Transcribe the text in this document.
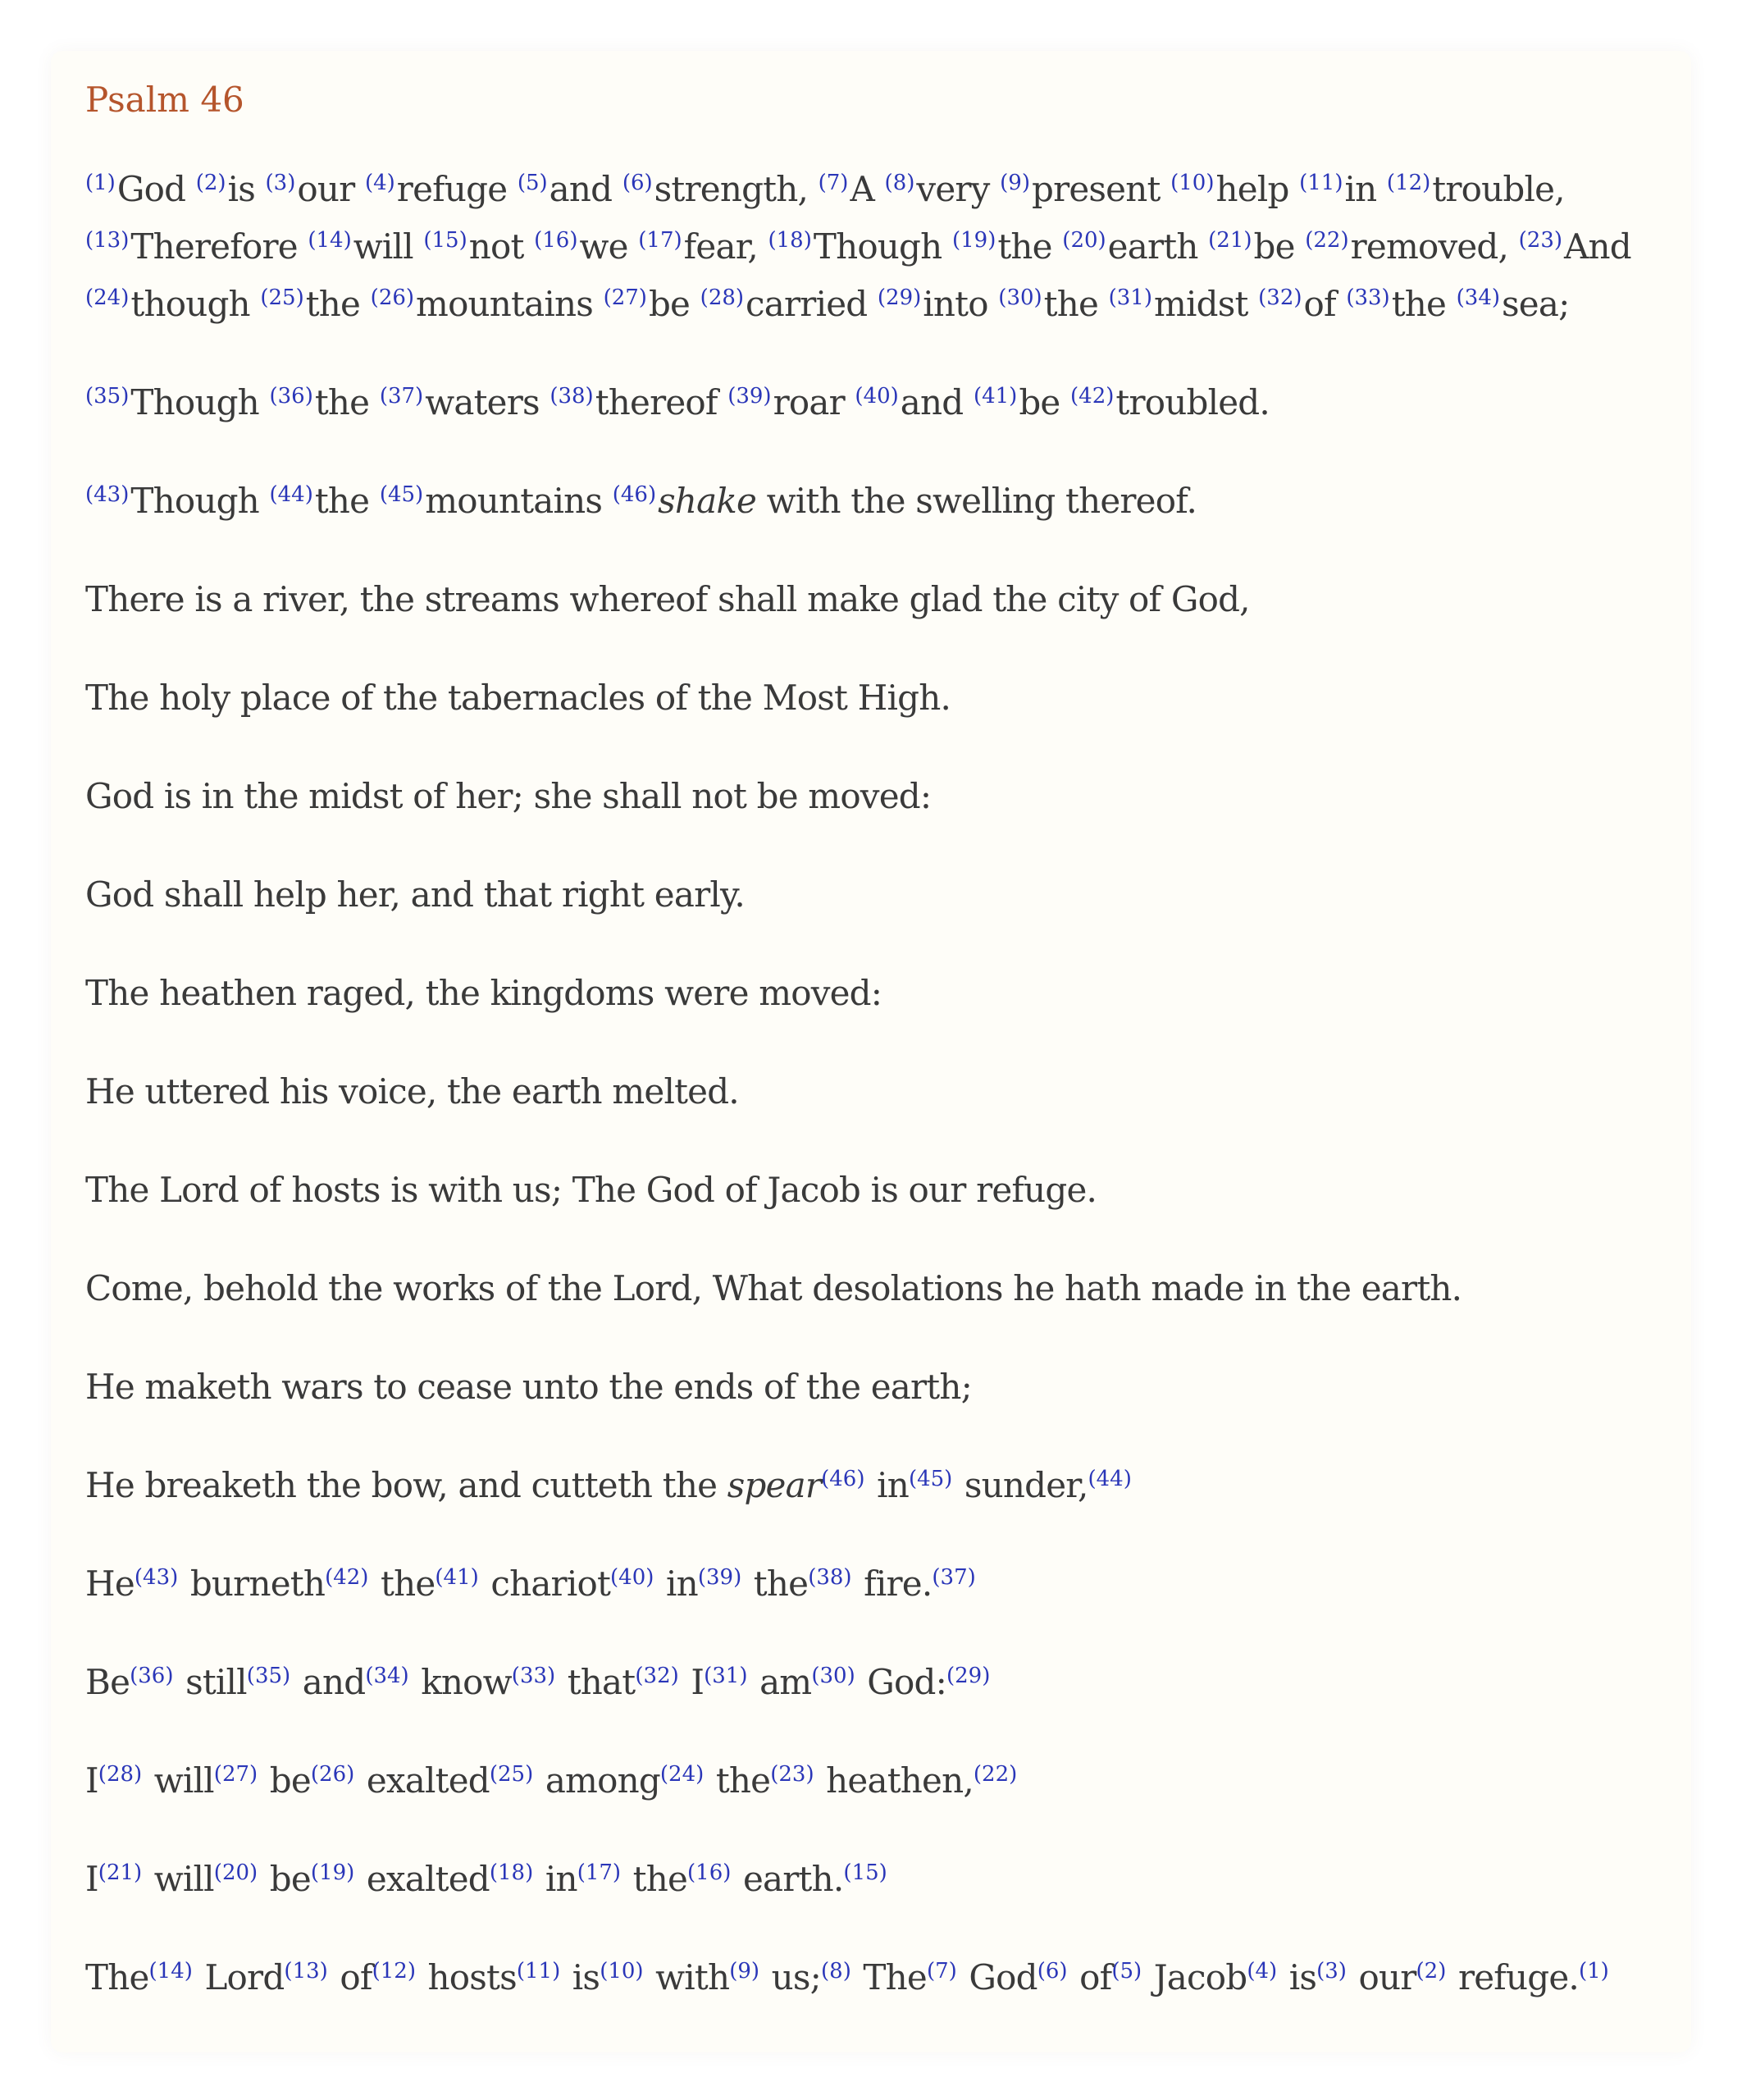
Psalm 46

$^{(1)}$God $^{(2)}$is $^{(3)}$our $^{(4)}$refuge $^{(5)}$and $^{(6)}$strength, $^{(7)}$A $^{(8)}$very $^{(9)}$present $^{(10)}$help $^{(11)}$in $^{(12)}$trouble, $^{(13)}$Therefore $^{(14)}$will $^{(15)}$not $^{(16)}$we $^{(17)}$fear, $^{(18)}$Though $^{(19)}$the $^{(20)}$earth $^{(21)}$be $^{(22)}$removed, $^{(23)}$And $^{(24)}$though $^{(25)}$the $^{(26)}$mountains $^{(27)}$be $^{(28)}$carried $^{(29)}$into $^{(30)}$the $^{(31)}$midst $^{(32)}$of $^{(33)}$the $^{(34)}$sea;

$^{(35)}$Though $^{(36)}$the $^{(37)}$waters $^{(38)}$thereof $^{(39)}$roar $^{(40)}$and $^{(41)}$be $^{(42)}$troubled.

$^{(43)}$Though $^{(44)}$the $^{(45)}$mountains $^{(46)}$shake with the swelling thereof.

There is a river, the streams whereof shall make glad the city of God,

The holy place of the tabernacles of the Most High.

God is in the midst of her; she shall not be moved:

God shall help her, and that right early.

The heathen raged, the kingdoms were moved:

He uttered his voice, the earth melted.

The Lord of hosts is with us; The God of Jacob is our refuge.

Come, behold the works of the Lord, What desolations he hath made in the earth.

He maketh wars to cease unto the ends of the earth;

He breaketh the bow, and cutteth the spear$^{(46)}$ $in^{(45)}$ sunder,$^{(44)}$

He$^{(43)}$ burneth$^{(42)}$ the$^{(41)}$ chariot$^{(40)}$ $in^{(39)}$ the$^{(38)}$ fire.$^{(37)}$

Be$^{(36)}$ still$^{(35)}$ and$^{(34)}$ know$^{(33)}$ that$^{(32)}$ $I^{(31)}$ $am^{(30)}$ God:$^{(29)}$

$I^{(28)}$ will$^{(27)}$ $be^{(26)}$ exalted$^{(25)}$ among$^{(24)}$ the$^{(23)}$ heathen,$^{(22)}$

$I^{(21)}$ will$^{(20)}$ $be^{(19)}$ exalted$^{(18)}$ $in^{(17)}$ the$^{(16)}$ earth.$^{(15)}$

The$^{(14)}$ Lord$^{(13)}$ $of^{(12)}$ hosts$^{(11)}$ $is^{(10)}$ with$^{(9)}$ us;$^{(8)}$ The$^{(7)}$ God$^{(6)}$ $of^{(5)}$ Jacob$^{(4)}$ $is^{(3)}$ our$^{(2)}$ refuge.$^{(1)}$
